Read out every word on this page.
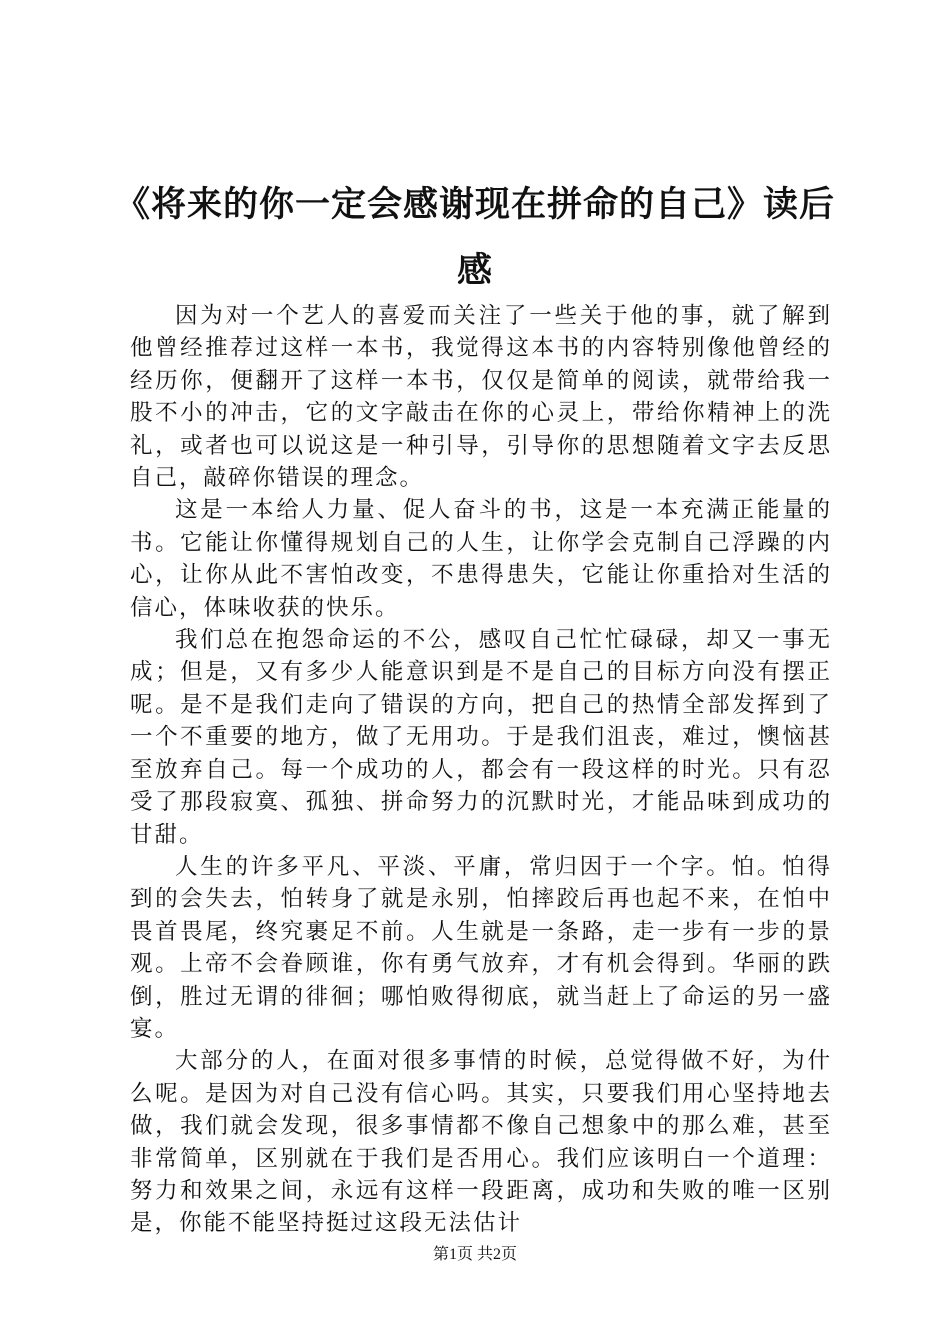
《将来的你一定会感谢现在拼命的自己》读后感

因为对一个艺人的喜爱而关注了一些关于他的事，就了解到他曾经推荐过这样一本书，我觉得这本书的内容特别像他曾经的经历你，便翻开了这样一本书，仅仅是简单的阅读，就带给我一股不小的冲击，它的文字敲击在你的心灵上，带给你精神上的洗礼，或者也可以说这是一种引导，引导你的思想随着文字去反思自己，敲碎你错误的理念。

这是一本给人力量、促人奋斗的书，这是一本充满正能量的书。它能让你懂得规划自己的人生，让你学会克制自己浮躁的内心，让你从此不害怕改变，不患得患失，它能让你重拾对生活的信心，体味收获的快乐。

我们总在抱怨命运的不公，感叹自己忙忙碌碌，却又一事无成；但是，又有多少人能意识到是不是自己的目标方向没有摆正呢。是不是我们走向了错误的方向，把自己的热情全部发挥到了一个不重要的地方，做了无用功。于是我们沮丧，难过，懊恼甚至放弃自己。每一个成功的人，都会有一段这样的时光。只有忍受了那段寂寞、孤独、拼命努力的沉默时光，才能品味到成功的甘甜。

人生的许多平凡、平淡、平庸，常归因于一个字。怕。怕得到的会失去，怕转身了就是永别，怕摔跤后再也起不来，在怕中畏首畏尾，终究裹足不前。人生就是一条路，走一步有一步的景观。上帝不会眷顾谁，你有勇气放弃，才有机会得到。华丽的跌倒，胜过无谓的徘徊；哪怕败得彻底，就当赶上了命运的另一盛宴。

大部分的人，在面对很多事情的时候，总觉得做不好，为什么呢。是因为对自己没有信心吗。其实，只要我们用心坚持地去做，我们就会发现，很多事情都不像自己想象中的那么难，甚至非常简单，区别就在于我们是否用心。我们应该明白一个道理：努力和效果之间，永远有这样一段距离，成功和失败的唯一区别是，你能不能坚持挺过这段无法估计

第1页 共2页
